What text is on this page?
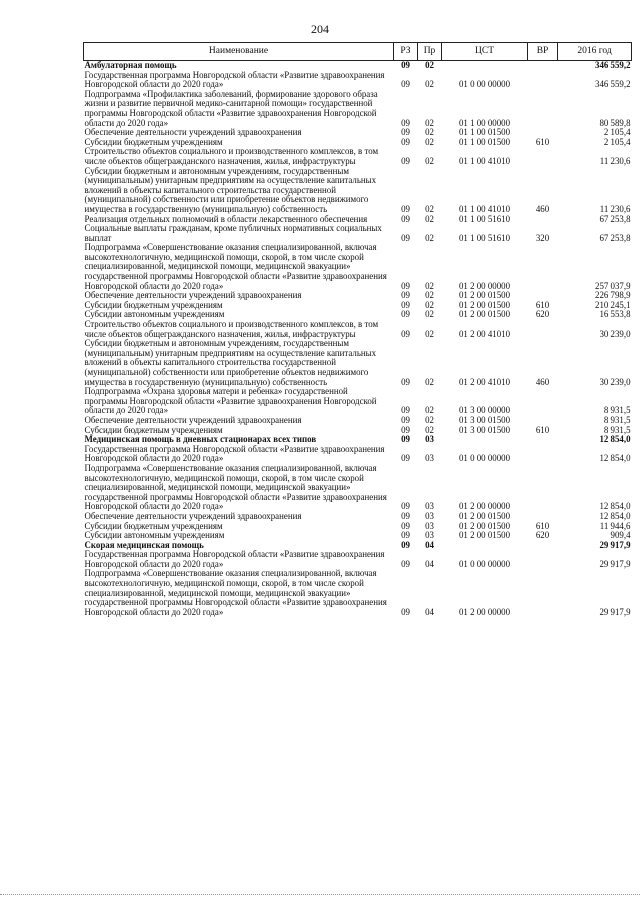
204
Наименование	РЗ	Пр	ЦСТ	ВР	2016 год
Амбулаторная помощь	09	02			346 559,2
Государственная программа Новгородской области «Развитие здравоохранения Новгородской области до 2020 года»	09	02	01 0 00 00000		346 559,2
Подпрограмма «Профилактика заболеваний, формирование здорового образа жизни и развитие первичной медико-санитарной помощи» государственной программы Новгородской области «Развитие здравоохранения Новгородской области до 2020 года»	09	02	01 1 00 00000		80 589,8
Обеспечение деятельности учреждений здравоохранения	09	02	01 1 00 01500		2 105,4
Субсидии бюджетным учреждениям	09	02	01 1 00 01500	610	2 105,4
Строительство объектов социального и производственного комплексов, в том числе объектов общегражданского назначения, жилья, инфраструктуры	09	02	01 1 00 41010		11 230,6
Субсидии бюджетным и автономным учреждениям, государственным (муниципальным) унитарным предприятиям на осуществление капитальных вложений в объекты капитального строительства государственной (муниципальной) собственности или приобретение объектов недвижимого имущества в государственную (муниципальную) собственность	09	02	01 1 00 41010	460	11 230,6
Реализация отдельных полномочий в области лекарственного обеспечения	09	02	01 1 00 51610		67 253,8
Социальные выплаты гражданам, кроме публичных нормативных социальных выплат	09	02	01 1 00 51610	320	67 253,8
Подпрограмма «Совершенствование оказания специализированной, включая высокотехнологичную, медицинской помощи, скорой, в том числе скорой специализированной, медицинской помощи, медицинской эвакуации» государственной программы Новгородской области «Развитие здравоохранения Новгородской области до 2020 года»	09	02	01 2 00 00000		257 037,9
Обеспечение деятельности учреждений здравоохранения	09	02	01 2 00 01500		226 798,9
Субсидии бюджетным учреждениям	09	02	01 2 00 01500	610	210 245,1
Субсидии автономным учреждениям	09	02	01 2 00 01500	620	16 553,8
Строительство объектов социального и производственного комплексов, в том числе объектов общегражданского назначения, жилья, инфраструктуры	09	02	01 2 00 41010		30 239,0
Субсидии бюджетным и автономным учреждениям, государственным (муниципальным) унитарным предприятиям на осуществление капитальных вложений в объекты капитального строительства государственной (муниципальной) собственности или приобретение объектов недвижимого имущества в государственную (муниципальную) собственность	09	02	01 2 00 41010	460	30 239,0
Подпрограмма «Охрана здоровья матери и ребенка» государственной программы Новгородской области «Развитие здравоохранения Новгородской области до 2020 года»	09	02	01 3 00 00000		8 931,5
Обеспечение деятельности учреждений здравоохранения	09	02	01 3 00 01500		8 931,5
Субсидии бюджетным учреждениям	09	02	01 3 00 01500	610	8 931,5
Медицинская помощь в дневных стационарах всех типов	09	03			12 854,0
Государственная программа Новгородской области «Развитие здравоохранения Новгородской области до 2020 года»	09	03	01 0 00 00000		12 854,0
Подпрограмма «Совершенствование оказания специализированной, включая высокотехнологичную, медицинской помощи, скорой, в том числе скорой специализированной, медицинской помощи, медицинской эвакуации» государственной программы Новгородской области «Развитие здравоохранения Новгородской области до 2020 года»	09	03	01 2 00 00000		12 854,0
Обеспечение деятельности учреждений здравоохранения	09	03	01 2 00 01500		12 854,0
Субсидии бюджетным учреждениям	09	03	01 2 00 01500	610	11 944,6
Субсидии автономным учреждениям	09	03	01 2 00 01500	620	909,4
Скорая медицинская помощь	09	04			29 917,9
Государственная программа Новгородской области «Развитие здравоохранения Новгородской области до 2020 года»	09	04	01 0 00 00000		29 917,9
Подпрограмма «Совершенствование оказания специализированной, включая высокотехнологичную, медицинской помощи, скорой, в том числе скорой специализированной, медицинской помощи, медицинской эвакуации» государственной программы Новгородской области «Развитие здравоохранения Новгородской области до 2020 года»	09	04	01 2 00 00000		29 917,9
